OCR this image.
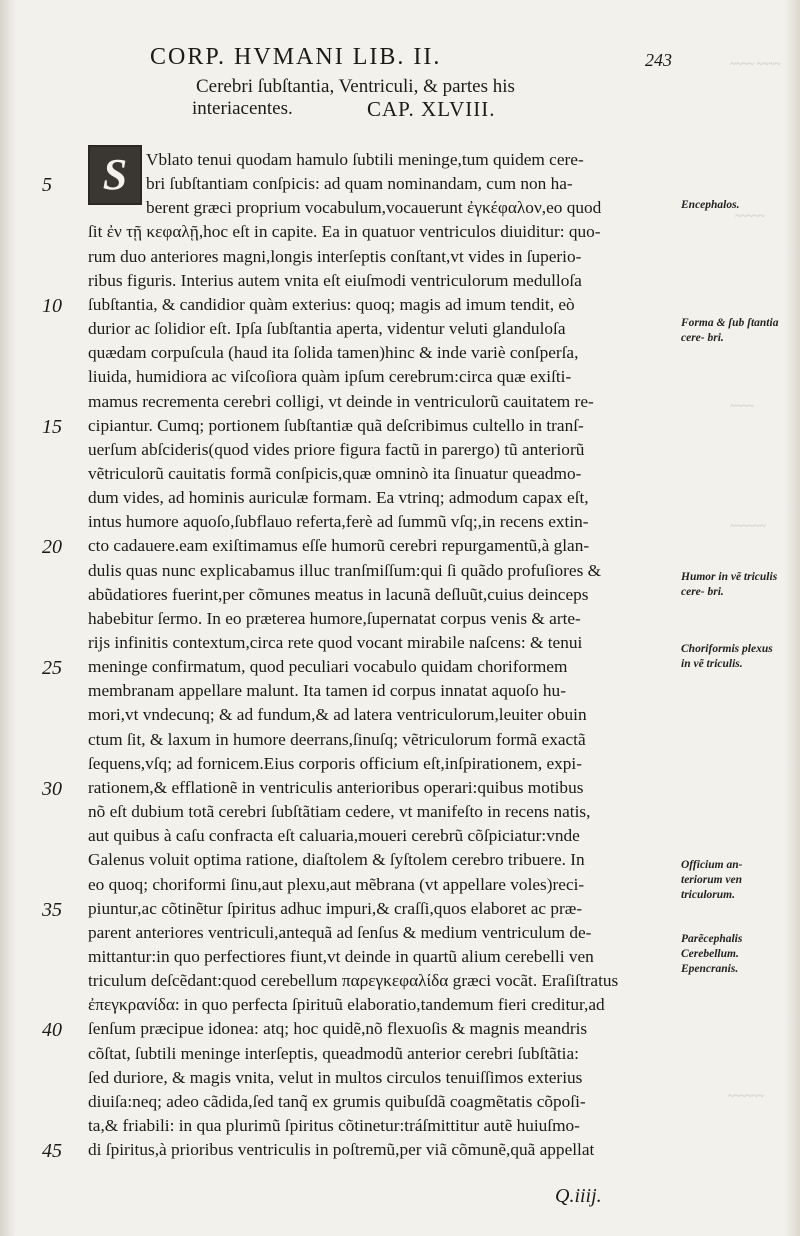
~~~~ ~~~~
~~~~~
~~~~
~~~~~~
~~~~~~
CORP. HVMANI LIB. II.	243
Cerebri ſubſtantia, Ventriculi, & partes his
interiacentes.	CAP. XLVIII.
S Vblato tenui quodam hamulo ſubtili meninge,tum quidem cere-
bri ſubſtantiam conſpicis: ad quam nominandam, cum non ha-
berent græci proprium vocabulum,vocauerunt ἐγκέφαλον,eo quod
ſit ἐν τῇ κεφαλῇ,hoc eſt in capite. Ea in quatuor ventriculos diuiditur: quo-
rum duo anteriores magni,longis interſeptis conſtant,vt vides in ſuperio-
ribus figuris. Interius autem vnita eſt eiuſmodi ventriculorum medulloſa
ſubſtantia, & candidior quàm exterius: quoq; magis ad imum tendit, eò
durior ac ſolidior eſt. Ipſa ſubſtantia aperta, videntur veluti glanduloſa
quædam corpuſcula (haud ita ſolida tamen)hinc & inde variè conſperſa,
liuida, humidiora ac viſcoſiora quàm ipſum cerebrum:circa quæ exiſti-
mamus recrementa cerebri colligi, vt deinde in ventriculorũ cauitatem re-
cipiantur. Cumq; portionem ſubſtantiæ quã deſcribimus cultello in tranſ-
uerſum abſcideris(quod vides priore figura factũ in parergo) tũ anteriorũ
vẽtriculorũ cauitatis formã conſpicis,quæ omninò ita ſinuatur queadmo-
dum vides, ad hominis auriculæ formam. Ea vtrinq; admodum capax eſt,
intus humore aquoſo,ſubflauo referta,ferè ad ſummũ vſq;,in recens extin-
cto cadauere.eam exiſtimamus eſſe humorũ cerebri repurgamentũ,à glan-
dulis quas nunc explicabamus illuc tranſmiſſum:qui ſi quãdo profuſiores &
abũdatiores fuerint,per cõmunes meatus in lacunã deſluũt,cuius deinceps
habebitur ſermo. In eo præterea humore,ſupernatat corpus venis & arte-
rijs infinitis contextum,circa rete quod vocant mirabile naſcens: & tenui
meninge confirmatum, quod peculiari vocabulo quidam choriformem
membranam appellare malunt. Ita tamen id corpus innatat aquoſo hu-
mori,vt vndecunq; & ad fundum,& ad latera ventriculorum,leuiter obuin
ctum ſit, & laxum in humore deerrans,ſinuſq; vẽtriculorum formã exactã
ſequens,vſq; ad fornicem.Eius corporis officium eſt,inſpirationem, expi-
rationem,& efflationẽ in ventriculis anterioribus operari:quibus motibus
nõ eſt dubium totã cerebri ſubſtãtiam cedere, vt manifeſto in recens natis,
aut quibus à caſu confracta eſt caluaria,moueri cerebrũ cõſpiciatur:vnde
Galenus voluit optima ratione, diaſtolem & ſyſtolem cerebro tribuere. In
eo quoq; choriformi ſinu,aut plexu,aut mẽbrana (vt appellare voles)reci-
piuntur,ac cõtinẽtur ſpiritus adhuc impuri,& craſſi,quos elaboret ac præ-
parent anteriores ventriculi,antequã ad ſenſus & medium ventriculum de-
mittantur:in quo perfectiores fiunt,vt deinde in quartũ alium cerebelli ven
triculum deſcẽdant:quod cerebellum παρεγκεφαλίδα græci vocãt. Eraſiſtratus
ἐπεγκρανίδα: in quo perfecta ſpirituũ elaboratio,tandemum fieri creditur,ad
ſenſum præcipue idonea: atq; hoc quidẽ,nõ flexuoſis & magnis meandris
cõſtat, ſubtili meninge interſeptis, queadmodũ anterior cerebri ſubſtãtia:
ſed duriore, & magis vnita, velut in multos circulos tenuiſſimos exterius
diuiſa:neq; adeo cãdida,ſed tanq̃ ex grumis quibuſdã coagmẽtatis cõpoſi-
ta,& friabili: in qua plurimũ ſpiritus cõtinetur:tráſmittitur autẽ huiuſmo-
di ſpiritus,à prioribus ventriculis in poſtremũ,per viã cõmunẽ,quã appellat
5
10
15
20
25
30
35
40
45
Encephalos.
Forma & ſub ſtantia cere- bri.
Humor in vẽ triculis cere- bri.
Choriformis plexus in vẽ triculis.
Officium an- teriorum ven triculorum.
Parẽcephalis Cerebellum. Epencranis.
Q.iiij.
